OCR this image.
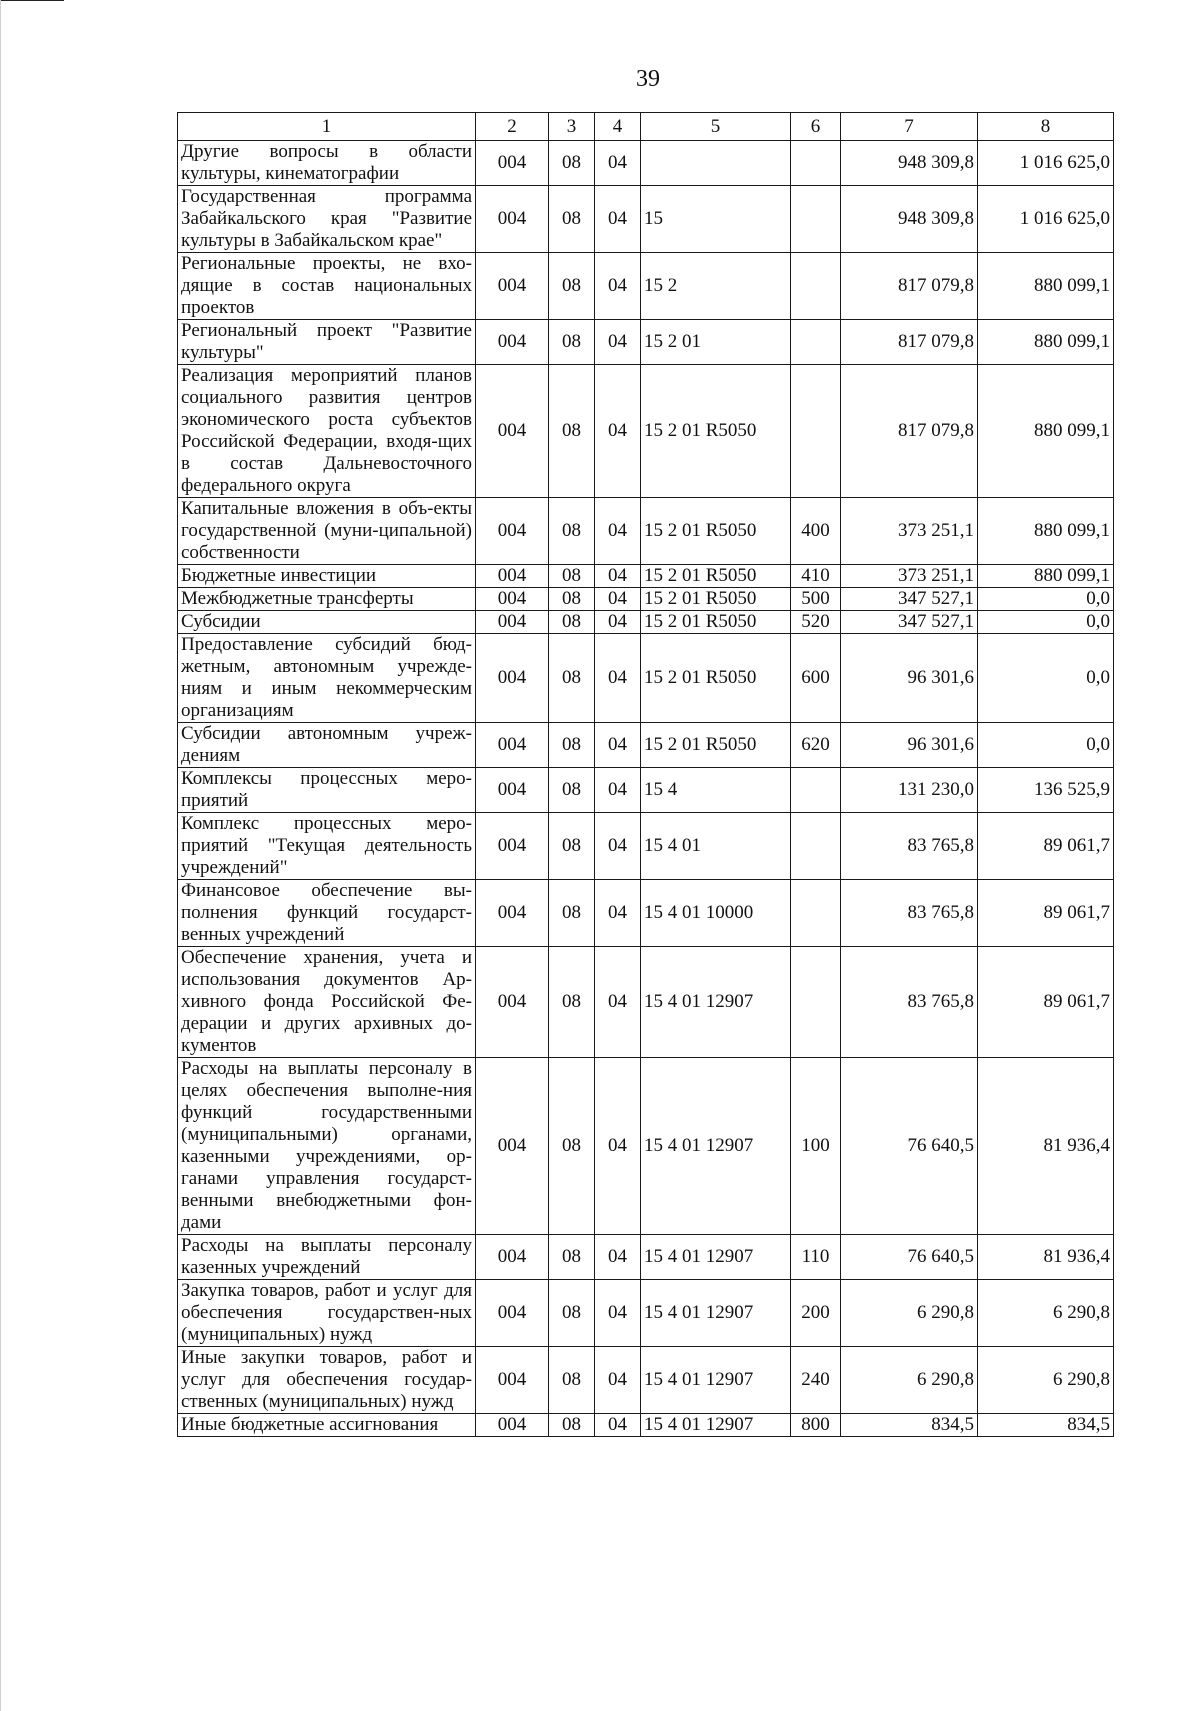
39
1	2	3	4	5	6	7	8
Другие вопросы в области культуры, кинематографии	004	08	04			948 309,8	1 016 625,0
Государственная программа Забайкальского края "Развитие культуры в Забайкальском крае"	004	08	04	15		948 309,8	1 016 625,0
Региональные проекты, не вхо-дящие в состав национальных проектов	004	08	04	15 2		817 079,8	880 099,1
Региональный проект "Развитие культуры"	004	08	04	15 2 01		817 079,8	880 099,1
Реализация мероприятий планов социального развития центров экономического роста субъектов Российской Федерации, входя-щих в состав Дальневосточного федерального округа	004	08	04	15 2 01 R5050		817 079,8	880 099,1
Капитальные вложения в объ-екты государственной (муни-ципальной) собственности	004	08	04	15 2 01 R5050	400	373 251,1	880 099,1
Бюджетные инвестиции	004	08	04	15 2 01 R5050	410	373 251,1	880 099,1
Межбюджетные трансферты	004	08	04	15 2 01 R5050	500	347 527,1	0,0
Субсидии	004	08	04	15 2 01 R5050	520	347 527,1	0,0
Предоставление субсидий бюд-жетным, автономным учрежде-ниям и иным некоммерческим организациям	004	08	04	15 2 01 R5050	600	96 301,6	0,0
Субсидии автономным учреж-дениям	004	08	04	15 2 01 R5050	620	96 301,6	0,0
Комплексы процессных меро-приятий	004	08	04	15 4		131 230,0	136 525,9
Комплекс процессных меро-приятий "Текущая деятельность учреждений"	004	08	04	15 4 01		83 765,8	89 061,7
Финансовое обеспечение вы-полнения функций государст-венных учреждений	004	08	04	15 4 01 10000		83 765,8	89 061,7
Обеспечение хранения, учета и использования документов Ар-хивного фонда Российской Фе-дерации и других архивных до-кументов	004	08	04	15 4 01 12907		83 765,8	89 061,7
Расходы на выплаты персоналу в целях обеспечения выполне-ния функций государственными (муниципальными) органами, казенными учреждениями, ор-ганами управления государст-венными внебюджетными фон-дами	004	08	04	15 4 01 12907	100	76 640,5	81 936,4
Расходы на выплаты персоналу казенных учреждений	004	08	04	15 4 01 12907	110	76 640,5	81 936,4
Закупка товаров, работ и услуг для обеспечения государствен-ных (муниципальных) нужд	004	08	04	15 4 01 12907	200	6 290,8	6 290,8
Иные закупки товаров, работ и услуг для обеспечения государ-ственных (муниципальных) нужд	004	08	04	15 4 01 12907	240	6 290,8	6 290,8
Иные бюджетные ассигнования	004	08	04	15 4 01 12907	800	834,5	834,5
